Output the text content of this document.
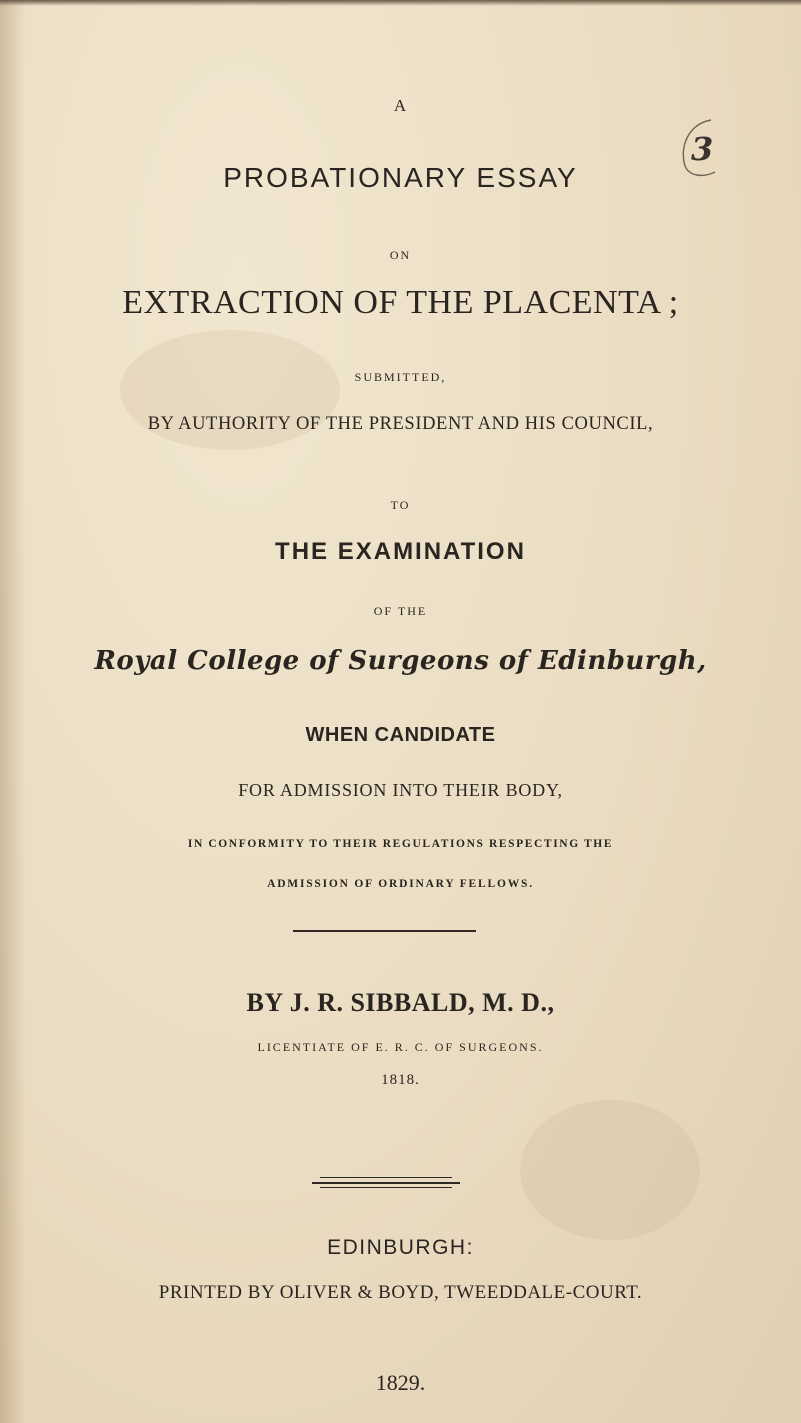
A
3
PROBATIONARY ESSAY
ON
EXTRACTION OF THE PLACENTA ;
SUBMITTED,
BY AUTHORITY OF THE PRESIDENT AND HIS COUNCIL,
TO
THE EXAMINATION
OF THE
Royal College of Surgeons of Edinburgh,
WHEN CANDIDATE
FOR ADMISSION INTO THEIR BODY,
IN CONFORMITY TO THEIR REGULATIONS RESPECTING THE
ADMISSION OF ORDINARY FELLOWS.
BY J. R. SIBBALD, M. D.,
LICENTIATE OF E. R. C. OF SURGEONS.
1818.
EDINBURGH:
PRINTED BY OLIVER & BOYD, TWEEDDALE-COURT.
1829.
